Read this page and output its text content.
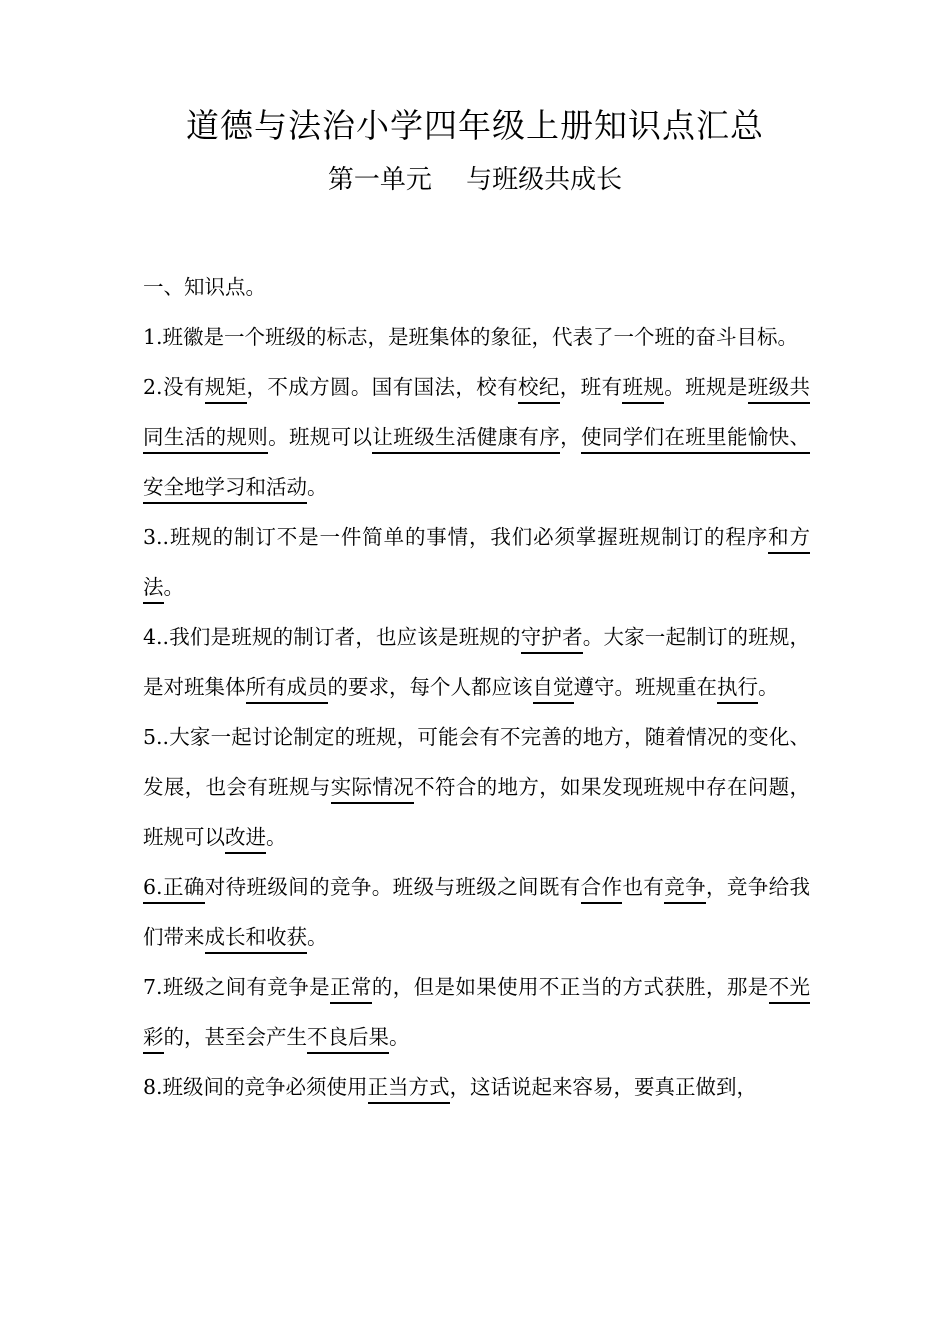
道德与法治小学四年级上册知识点汇总
第一单元　 与班级共成长

一、知识点。

1.班徽是一个班级的标志，是班集体的象征，代表了一个班的奋斗目标。

2.没有规矩，不成方圆。国有国法，校有校纪，班有班规。班规是班级共同生活的规则。班规可以让班级生活健康有序，使同学们在班里能愉快、安全地学习和活动。

3..班规的制订不是一件简单的事情，我们必须掌握班规制订的程序和方法。

4..我们是班规的制订者，也应该是班规的守护者。大家一起制订的班规，是对班集体所有成员的要求，每个人都应该自觉遵守。班规重在执行。

5..大家一起讨论制定的班规，可能会有不完善的地方，随着情况的变化、发展，也会有班规与实际情况不符合的地方，如果发现班规中存在问题，班规可以改进。

6.正确对待班级间的竞争。班级与班级之间既有合作也有竞争，竞争给我们带来成长和收获。

7.班级之间有竞争是正常的，但是如果使用不正当的方式获胜，那是不光彩的，甚至会产生不良后果。

8.班级间的竞争必须使用正当方式，这话说起来容易，要真正做到，
